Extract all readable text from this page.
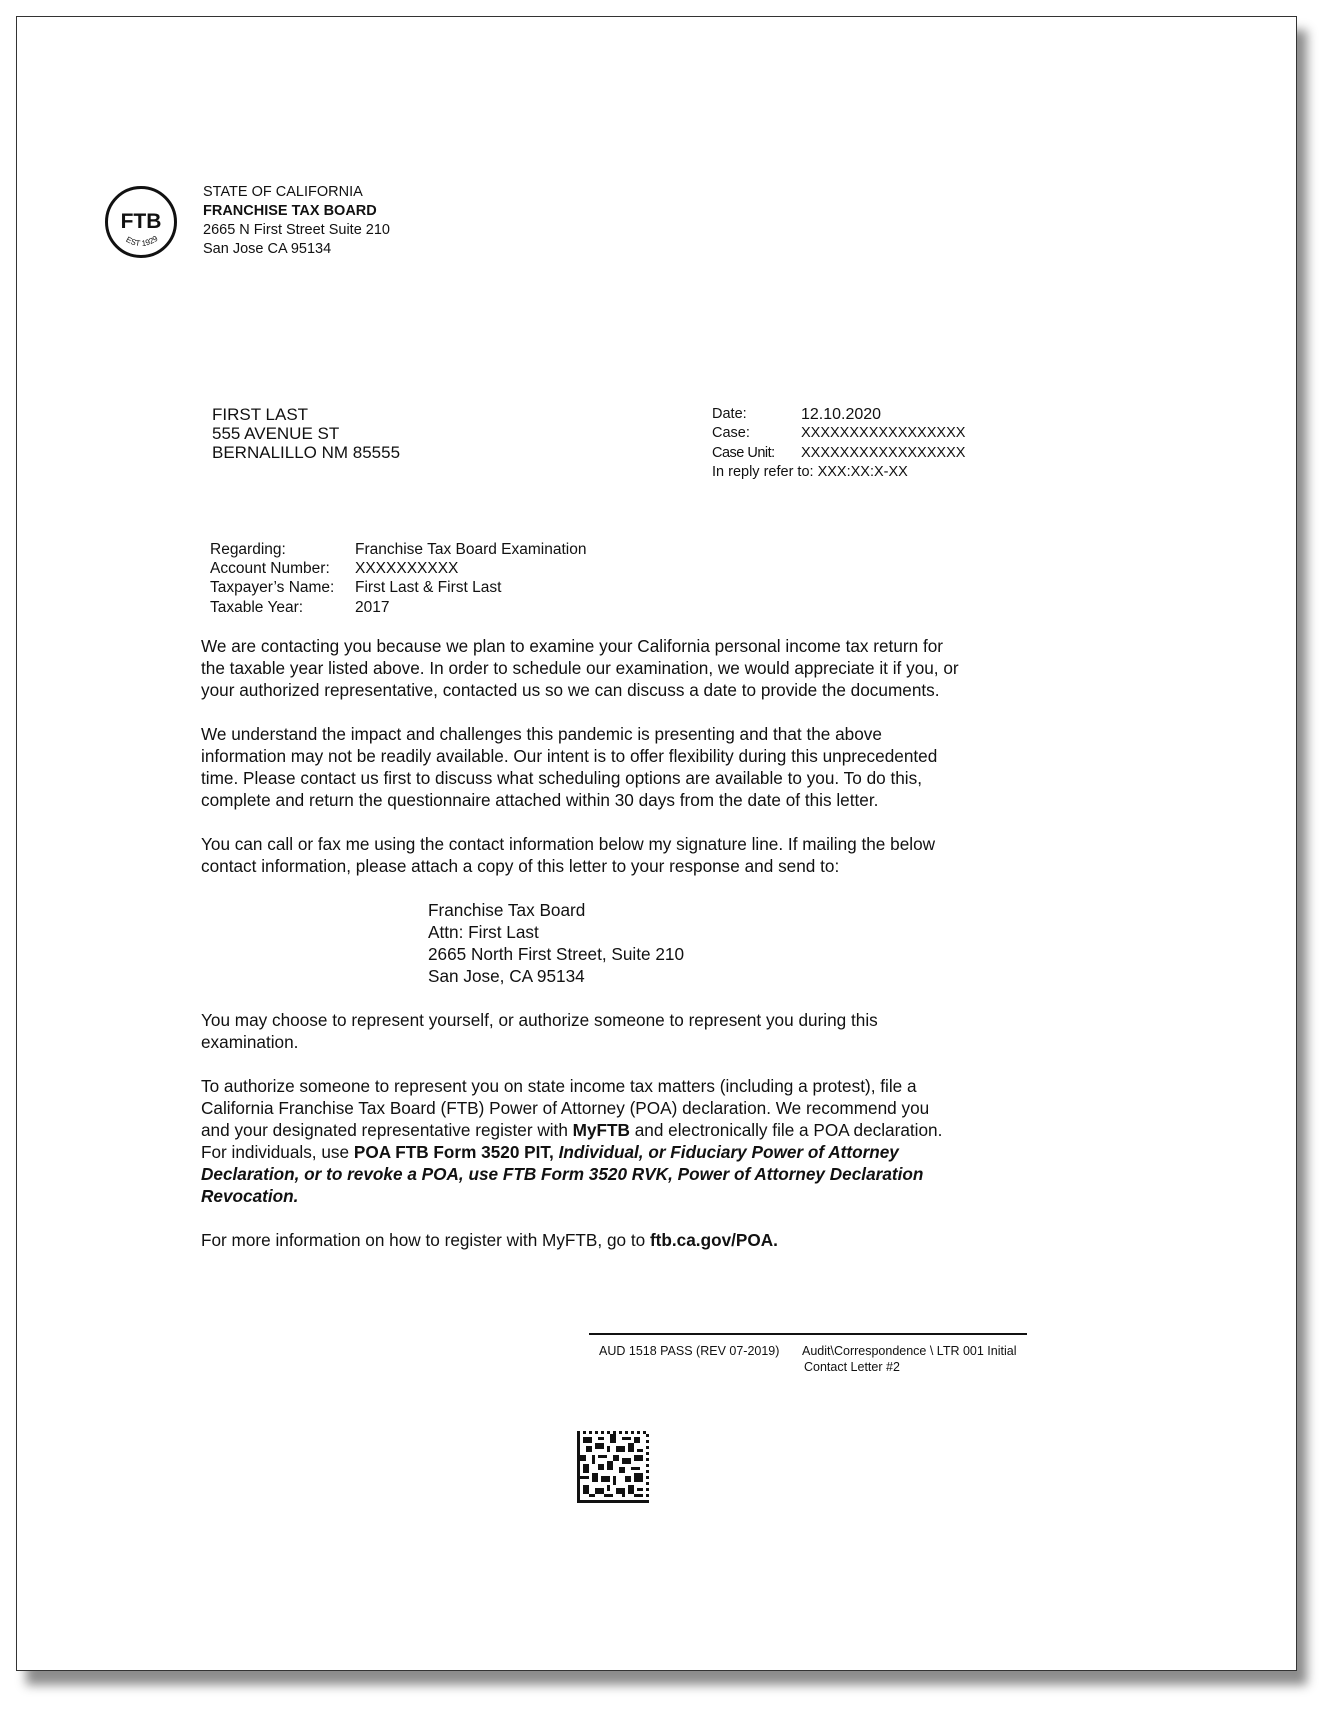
FTB
EST 1929
STATE OF CALIFORNIA
FRANCHISE TAX BOARD
2665 N First Street Suite 210
San Jose CA 95134
FIRST LAST
555 AVENUE ST
BERNALILLO NM 85555
Date:	12.10.2020
Case:	XXXXXXXXXXXXXXXXX
Case Unit:	XXXXXXXXXXXXXXXXX
In reply refer to: XXX:XX:X-XX
Regarding:	Franchise Tax Board Examination
Account Number:	XXXXXXXXXX
Taxpayer’s Name:	First Last & First Last
Taxable Year:	2017

We are contacting you because we plan to examine your California personal income tax return for the taxable year listed above. In order to schedule our examination, we would appreciate it if you, or your authorized representative, contacted us so we can discuss a date to provide the documents.

We understand the impact and challenges this pandemic is presenting and that the above information may not be readily available. Our intent is to offer flexibility during this unprecedented time. Please contact us first to discuss what scheduling options are available to you. To do this, complete and return the questionnaire attached within 30 days from the date of this letter.

You can call or fax me using the contact information below my signature line. If mailing the below contact information, please attach a copy of this letter to your response and send to:

Franchise Tax Board
Attn: First Last
2665 North First Street, Suite 210
San Jose, CA 95134

You may choose to represent yourself, or authorize someone to represent you during this examination.

To authorize someone to represent you on state income tax matters (including a protest), file a California Franchise Tax Board (FTB) Power of Attorney (POA) declaration. We recommend you and your designated representative register with MyFTB and electronically file a POA declaration. For individuals, use POA FTB Form 3520 PIT, Individual, or Fiduciary Power of Attorney Declaration, or to revoke a POA, use FTB Form 3520 RVK, Power of Attorney Declaration Revocation.

For more information on how to register with MyFTB, go to ftb.ca.gov/POA.

AUD 1518 PASS (REV 07-2019) Audit\Correspondence \ LTR 001 Initial
Contact Letter #2
